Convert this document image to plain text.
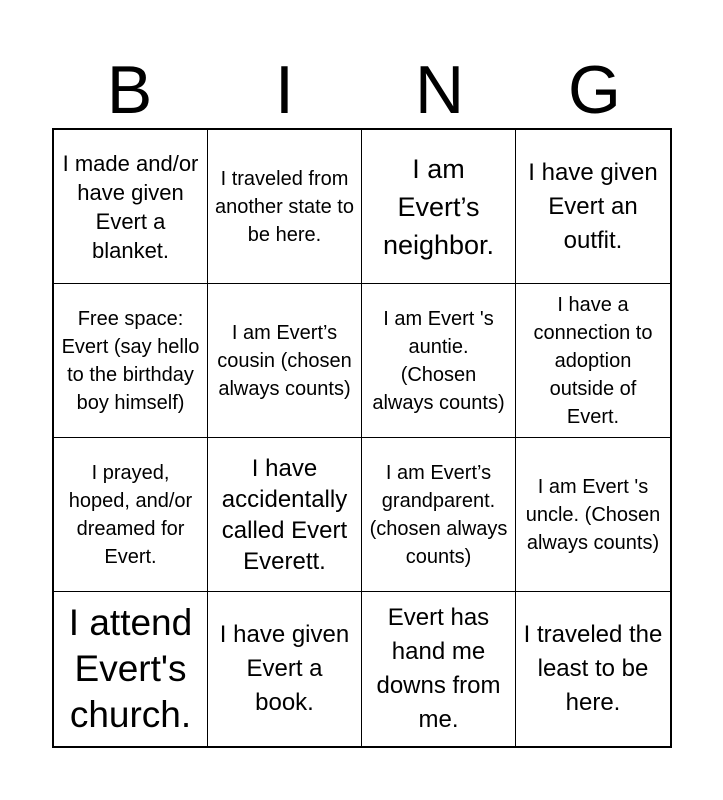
B	I	N	G
I made and/or have given Evert a blanket.
I traveled from another state to be here.
I am Evert’s neighbor.
I have given Evert an outfit.
Free space: Evert (say hello to the birthday boy himself)
I am Evert’s cousin (chosen always counts)
I am Evert 's auntie. (Chosen always counts)
I have a connection to adoption outside of Evert.
I prayed, hoped, and/or dreamed for Evert.
I have accidentally called Evert Everett.
I am Evert’s grandparent. (chosen always counts)
I am Evert 's uncle. (Chosen always counts)
I attend Evert's church.
I have given Evert a book.
Evert has hand me downs from me.
I traveled the least to be here.
